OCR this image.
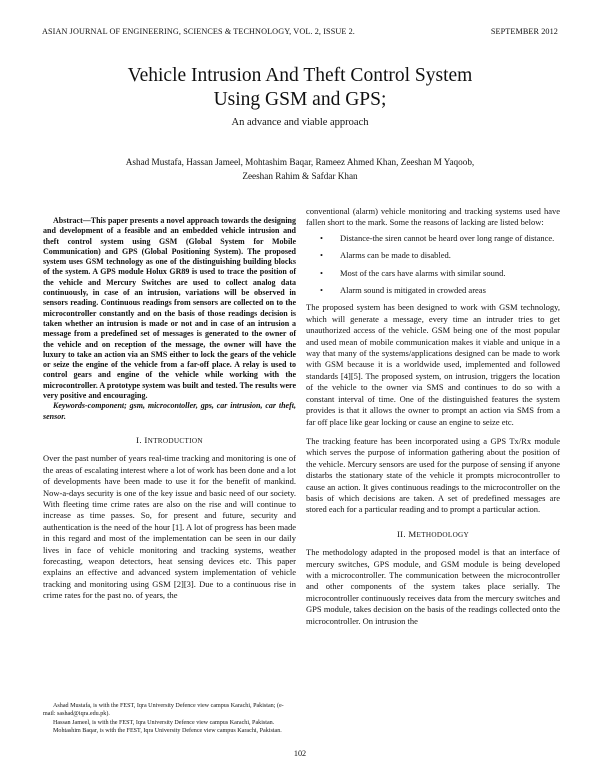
ASIAN JOURNAL OF ENGINEERING, SCIENCES & TECHNOLOGY, VOL. 2, ISSUE 2.	SEPTEMBER 2012
Vehicle Intrusion And Theft Control System
Using GSM and GPS;
An advance and viable approach
Ashad Mustafa, Hassan Jameel, Mohtashim Baqar, Rameez Ahmed Khan, Zeeshan M Yaqoob,
Zeeshan Rahim & Safdar Khan

Abstract—This paper presents a novel approach towards the designing and development of a feasible and an embedded vehicle intrusion and theft control system using GSM (Global System for Mobile Communication) and GPS (Global Positioning System). The proposed system uses GSM technology as one of the distinguishing building blocks of the system. A GPS module Holux GR89 is used to trace the position of the vehicle and Mercury Switches are used to collect analog data continuously, in case of an intrusion, variations will be observed in sensors reading. Continuous readings from sensors are collected on to the microcontroller constantly and on the basis of those readings decision is taken whether an intrusion is made or not and in case of an intrusion a message from a predefined set of messages is generated to the owner of the vehicle and on reception of the message, the owner will have the luxury to take an action via an SMS either to lock the gears of the vehicle or seize the engine of the vehicle from a far-off place. A relay is used to control gears and engine of the vehicle while working with the microcontroller. A prototype system was built and tested. The results were very positive and encouraging.

Keywords-component; gsm, microcontoller, gps, car intrusion, car theft, sensor.

I. INTRODUCTION

Over the past number of years real-time tracking and monitoring is one of the areas of escalating interest where a lot of work has been done and a lot of developments have been made to use it for the benefit of mankind. Now-a-days security is one of the key issue and basic need of our society. With fleeting time crime rates are also on the rise and will continue to increase as time passes. So, for present and future, security and authentication is the need of the hour [1]. A lot of progress has been made in this regard and most of the implementation can be seen in our daily lives in face of vehicle monitoring and tracking systems, weather forecasting, weapon detectors, heat sensing devices etc. This paper explains an effective and advanced system implementation of vehicle tracking and monitoring using GSM [2][3]. Due to a continuous rise in crime rates for the past no. of years, the

Ashad Mustafa, is with the FEST, Iqra University Defence view campus Karachi, Pakistan; (e-mail: sashad@iqra.edu.pk).

Hassan Jameel, is with the FEST, Iqra University Defence view campus Karachi, Pakistan.

Mohtashim Baqar, is with the FEST, Iqra University Defence view campus Karachi, Pakistan.

conventional (alarm) vehicle monitoring and tracking systems used have fallen short to the mark. Some the reasons of lacking are listed below:

• Distance-the siren cannot be heard over long range of distance.
• Alarms can be made to disabled.
• Most of the cars have alarms with similar sound.
• Alarm sound is mitigated in crowded areas

The proposed system has been designed to work with GSM technology, which will generate a message, every time an intruder tries to get unauthorized access of the vehicle. GSM being one of the most popular and used mean of mobile communication makes it viable and unique in a way that many of the systems/applications designed can be made to work with GSM because it is a worldwide used, implemented and followed standards [4][5]. The proposed system, on intrusion, triggers the location of the vehicle to the owner via SMS and continues to do so with a constant interval of time. One of the distinguished features the system provides is that it allows the owner to prompt an action via SMS from a far off place like gear locking or cause an engine to seize etc.

The tracking feature has been incorporated using a GPS Tx/Rx module which serves the purpose of information gathering about the position of the vehicle. Mercury sensors are used for the purpose of sensing if anyone distarbs the stationary state of the vehicle it prompts microcontroller to cause an action. It gives continuous readings to the microcontroller on the basis of which decisions are taken. A set of predefined messages are stored each for a particular reading and to prompt a particular action.

II. METHODOLOGY

The methodology adapted in the proposed model is that an interface of mercury switches, GPS module, and GSM module is being developed with a microcontroller. The communication between the microcontroller and other components of the system takes place serially. The microcontroller continuously receives data from the mercury switches and GPS module, takes decision on the basis of the readings collected onto the microcontroller. On intrusion the

102
